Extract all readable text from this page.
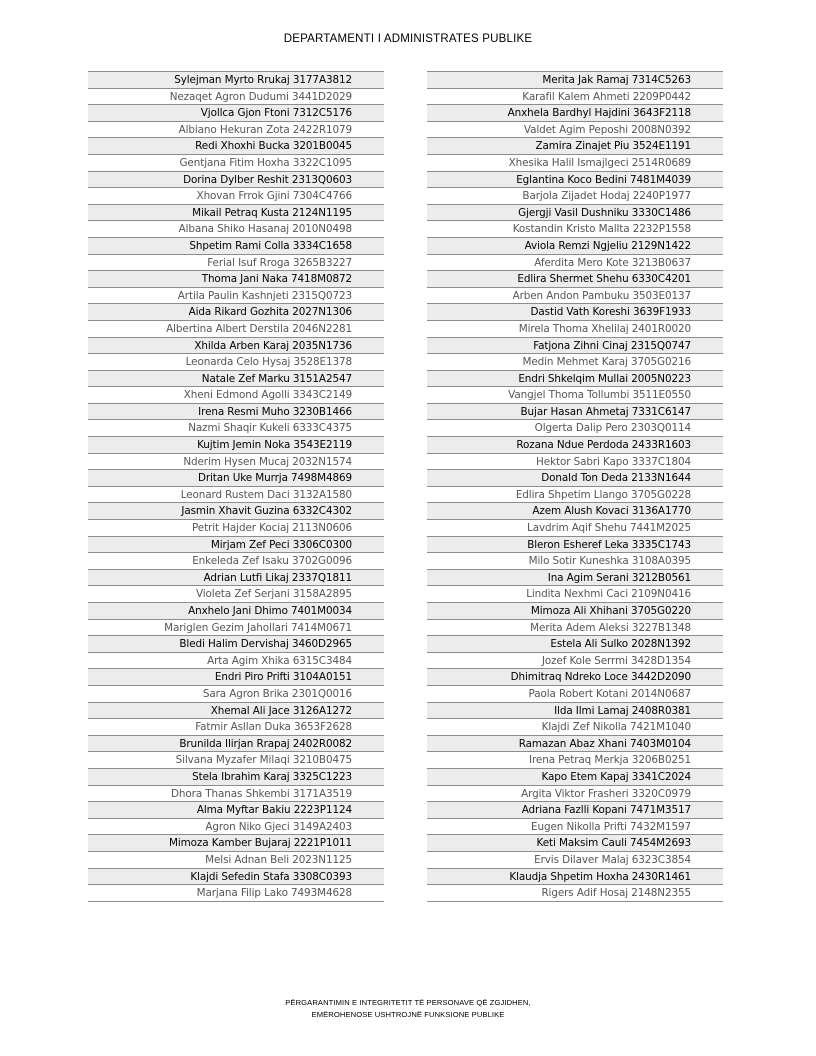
DEPARTAMENTI I ADMINISTRATES PUBLIKE
Sylejman Myrto Rrukaj 3177A3812
Nezaqet Agron Dudumi 3441D2029
Vjollca Gjon Ftoni 7312C5176
Albiano Hekuran Zota 2422R1079
Redi Xhoxhi Bucka 3201B0045
Gentjana Fitim Hoxha 3322C1095
Dorina Dylber Reshit 2313Q0603
Xhovan Frrok Gjini 7304C4766
Mikail Petraq Kusta 2124N1195
Albana Shiko Hasanaj 2010N0498
Shpetim Rami Colla 3334C1658
Ferial Isuf Rroga 3265B3227
Thoma Jani Naka 7418M0872
Artila Paulin Kashnjeti 2315Q0723
Aida Rikard Gozhita 2027N1306
Albertina Albert Derstila 2046N2281
Xhilda Arben Karaj 2035N1736
Leonarda Celo Hysaj 3528E1378
Natale Zef Marku 3151A2547
Xheni Edmond Agolli 3343C2149
Irena Resmi Muho 3230B1466
Nazmi Shaqir Kukeli 6333C4375
Kujtim Jemin Noka 3543E2119
Nderim Hysen Mucaj 2032N1574
Dritan Uke Murrja 7498M4869
Leonard Rustem Daci 3132A1580
Jasmin Xhavit Guzina 6332C4302
Petrit Hajder Kociaj 2113N0606
Mirjam Zef Peci 3306C0300
Enkeleda Zef Isaku 3702G0096
Adrian Lutfi Likaj 2337Q1811
Violeta Zef Serjani 3158A2895
Anxhelo Jani Dhimo 7401M0034
Mariglen Gezim Jahollari 7414M0671
Bledi Halim Dervishaj 3460D2965
Arta Agim Xhika 6315C3484
Endri Piro Prifti 3104A0151
Sara Agron Brika 2301Q0016
Xhemal Ali Jace 3126A1272
Fatmir Asllan Duka 3653F2628
Brunilda Ilirjan Rrapaj 2402R0082
Silvana Myzafer Milaqi 3210B0475
Stela Ibrahim Karaj 3325C1223
Dhora Thanas Shkembi 3171A3519
Alma Myftar Bakiu 2223P1124
Agron Niko Gjeci 3149A2403
Mimoza Kamber Bujaraj 2221P1011
Melsi Adnan Beli 2023N1125
Klajdi Sefedin Stafa 3308C0393
Marjana Filip Lako 7493M4628
Merita Jak Ramaj 7314C5263
Karafil Kalem Ahmeti 2209P0442
Anxhela Bardhyl Hajdini 3643F2118
Valdet Agim Peposhi 2008N0392
Zamira Zinajet Piu 3524E1191
Xhesika Halil Ismajlgeci 2514R0689
Eglantina Koco Bedini 7481M4039
Barjola Zijadet Hodaj 2240P1977
Gjergji Vasil Dushniku 3330C1486
Kostandin Kristo Mallta 2232P1558
Aviola Remzi Ngjeliu 2129N1422
Aferdita Mero Kote 3213B0637
Edlira Shermet Shehu 6330C4201
Arben Andon Pambuku 3503E0137
Dastid Vath Koreshi 3639F1933
Mirela Thoma Xhelilaj 2401R0020
Fatjona Zihni Cinaj 2315Q0747
Medin Mehmet Karaj 3705G0216
Endri Shkelqim Mullai 2005N0223
Vangjel Thoma Tollumbi 3511E0550
Bujar Hasan Ahmetaj 7331C6147
Olgerta Dalip Pero 2303Q0114
Rozana Ndue Perdoda 2433R1603
Hektor Sabri Kapo 3337C1804
Donald Ton Deda 2133N1644
Edlira Shpetim Llango 3705G0228
Azem Alush Kovaci 3136A1770
Lavdrim Aqif Shehu 7441M2025
Bleron Esheref Leka 3335C1743
Milo Sotir Kuneshka 3108A0395
Ina Agim Serani 3212B0561
Lindita Nexhmi Caci 2109N0416
Mimoza Ali Xhihani 3705G0220
Merita Adem Aleksi 3227B1348
Estela Ali Sulko 2028N1392
Jozef Kole Serrmi 3428D1354
Dhimitraq Ndreko Loce 3442D2090
Paola Robert Kotani 2014N0687
Ilda Ilmi Lamaj 2408R0381
Klajdi Zef Nikolla 7421M1040
Ramazan Abaz Xhani 7403M0104
Irena Petraq Merkja 3206B0251
Kapo Etem Kapaj 3341C2024
Argita Viktor Frasheri 3320C0979
Adriana Fazlli Kopani 7471M3517
Eugen Nikolla Prifti 7432M1597
Keti Maksim Cauli 7454M2693
Ervis Dilaver Malaj 6323C3854
Klaudja Shpetim Hoxha 2430R1461
Rigers Adif Hosaj 2148N2355
PËRGARANTIMIN E INTEGRITETIT TË PERSONAVE QË ZGJIDHEN,
EMËROHENOSE USHTROJNË FUNKSIONE PUBLIKE
